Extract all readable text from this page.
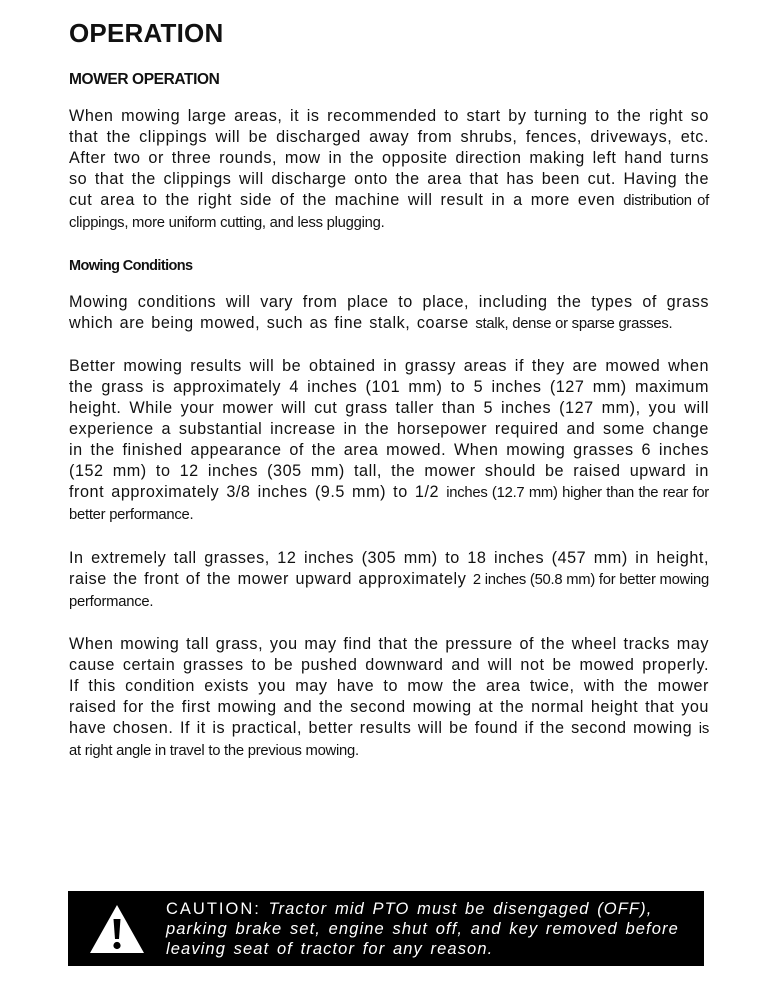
OPERATION
MOWER OPERATION

When mowing large areas, it is recommended to start by turning to the right so that the clippings will be discharged away from shrubs, fences, driveways, etc. After two or three rounds, mow in the opposite direction making left hand turns so that the clippings will discharge onto the area that has been cut. Having the cut area to the right side of the machine will result in a more even distribution of clippings, more uniform cutting, and less plugging.

Mowing Conditions

Mowing conditions will vary from place to place, including the types of grass which are being mowed, such as fine stalk, coarse stalk, dense or sparse grasses.

Better mowing results will be obtained in grassy areas if they are mowed when the grass is approximately 4 inches (101 mm) to 5 inches (127 mm) maximum height. While your mower will cut grass taller than 5 inches (127 mm), you will experience a substantial increase in the horsepower required and some change in the finished appearance of the area mowed. When mowing grasses 6 inches (152 mm) to 12 inches (305 mm) tall, the mower should be raised upward in front approximately 3/8 inches (9.5 mm) to 1/2 inches (12.7 mm) higher than the rear for better performance.

In extremely tall grasses, 12 inches (305 mm) to 18 inches (457 mm) in height, raise the front of the mower upward approximately 2 inches (50.8 mm) for better mowing performance.

When mowing tall grass, you may find that the pressure of the wheel tracks may cause certain grasses to be pushed downward and will not be mowed properly. If this condition exists you may have to mow the area twice, with the mower raised for the first mowing and the second mowing at the normal height that you have chosen. If it is practical, better results will be found if the second mowing is at right angle in travel to the previous mowing.

CAUTION: Tractor mid PTO must be disengaged (OFF), parking brake set, engine shut off, and key removed before leaving seat of tractor for any reason.
